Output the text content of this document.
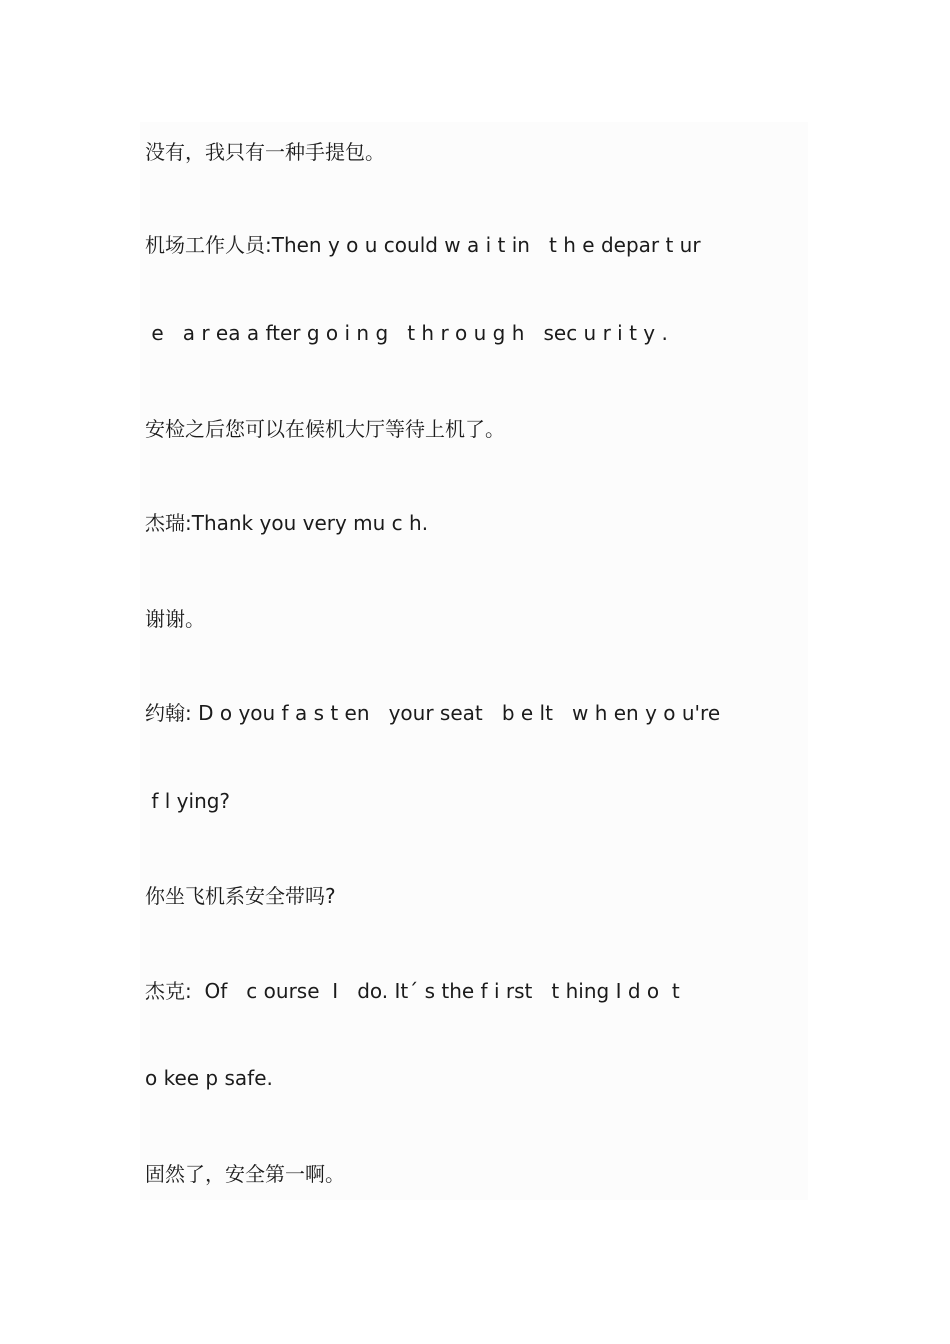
没有，我只有一种手提包。
机场工作人员:Then y o u could w a i t in   t h e depar t ur
e   a r ea a fter g o i n g   t h r o u g h   sec u r i t y .
安检之后您可以在候机大厅等待上机了。
杰瑞:Thank you very mu c h.
谢谢。
约翰: D o you f a s t en   your seat   b e lt   w h en y o u're
f l ying?
你坐飞机系安全带吗?
杰克:  Of   c ourse  I   do. It´ s the f i rst   t hing I d o  t
o kee p safe.
固然了，安全第一啊。
